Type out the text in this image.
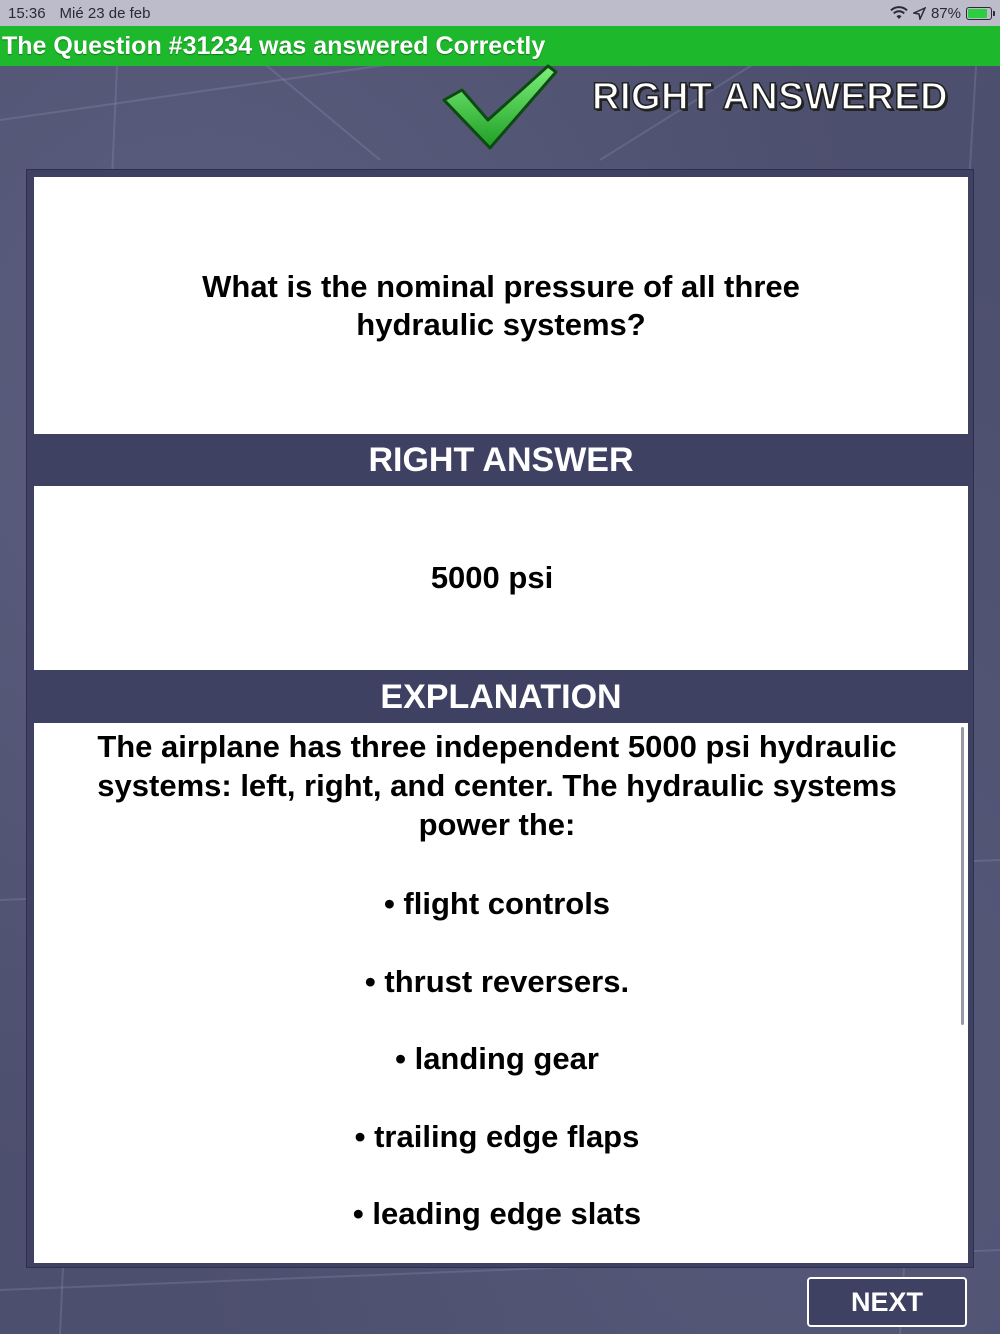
15:36 Mié 23 de feb	87%
The Question #31234 was answered Correctly
RIGHT ANSWERED
What is the nominal pressure of all three hydraulic systems?
RIGHT ANSWER
5000 psi
EXPLANATION
The airplane has three independent 5000 psi hydraulic systems: left, right, and center. The hydraulic systems power the:
• flight controls
• thrust reversers.
• landing gear
• trailing edge flaps
• leading edge slats
NEXT
